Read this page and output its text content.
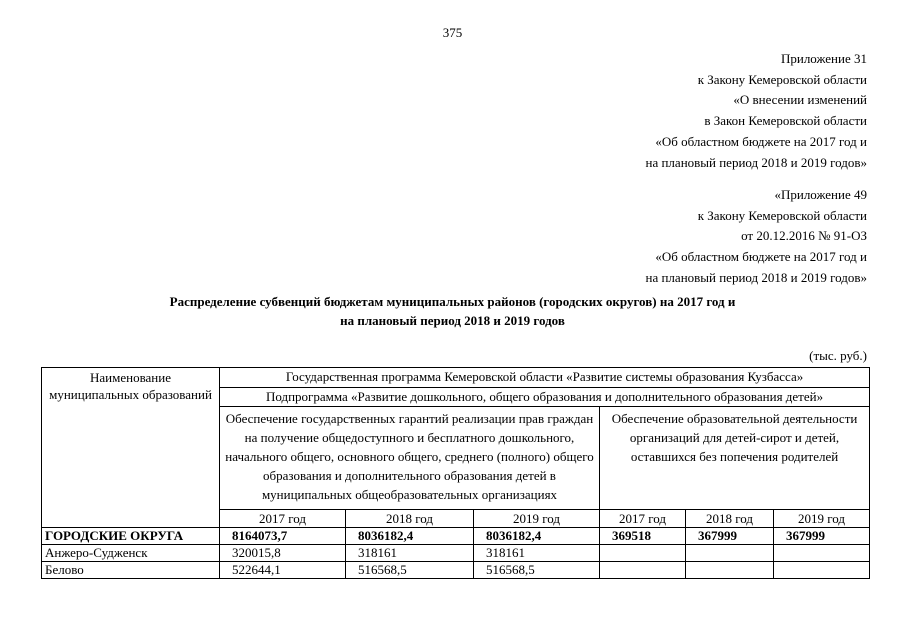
375
Приложение 31
к Закону Кемеровской области
«О внесении изменений
в Закон Кемеровской области
«Об областном бюджете на 2017 год и
на плановый период 2018 и 2019 годов»
«Приложение 49
к Закону Кемеровской области
от 20.12.2016 № 91-ОЗ
«Об областном бюджете на 2017 год и
на плановый период 2018 и 2019 годов»
Распределение субвенций бюджетам муниципальных районов (городских округов) на 2017 год и
на плановый период 2018 и 2019 годов
(тыс. руб.)
Наименование муниципальных образований	Государственная программа Кемеровской области «Развитие системы образования Кузбасса»					
	Подпрограмма «Развитие дошкольного, общего образования и дополнительного образования детей»					
	Обеспечение государственных гарантий реализации прав граждан на получение общедоступного и бесплатного дошкольного, начального общего, основного общего, среднего (полного) общего образования и дополнительного образования детей в муниципальных общеобразовательных организациях			Обеспечение образовательной деятельности организаций для детей-сирот и детей, оставшихся без попечения родителей		
	2017 год	2018 год	2019 год	2017 год	2018 год	2019 год
ГОРОДСКИЕ ОКРУГА	8164073,7	8036182,4	8036182,4	369518	367999	367999
Анжеро-Судженск	320015,8	318161	318161			
Белово	522644,1	516568,5	516568,5			
